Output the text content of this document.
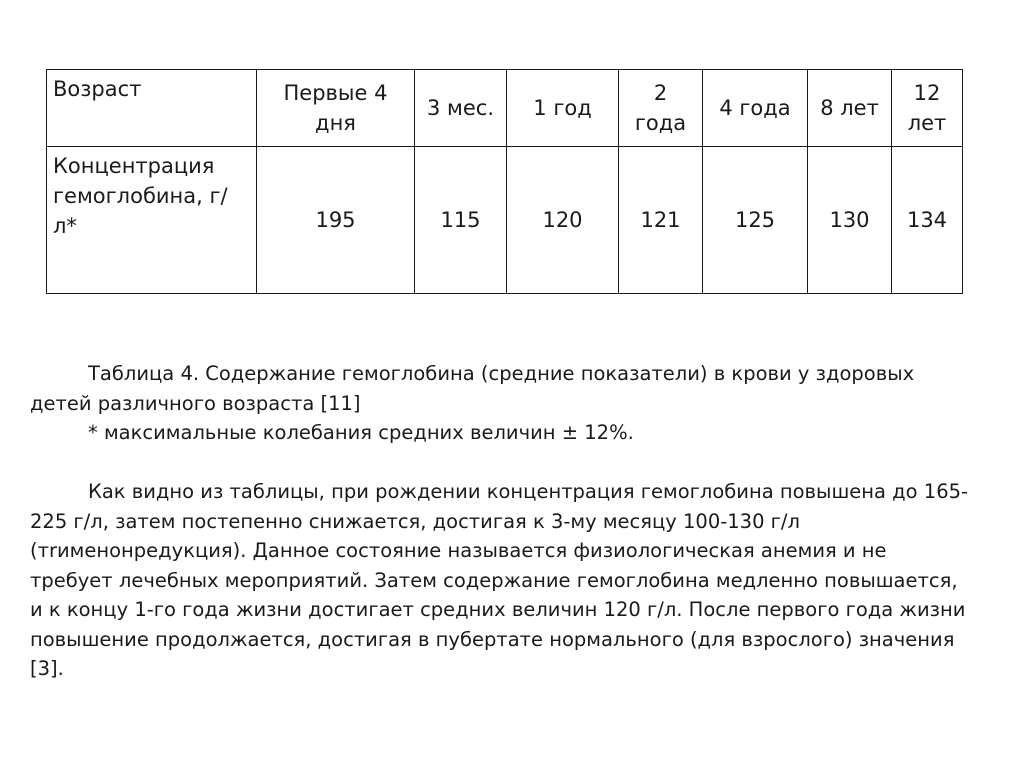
Возраст	Первые 4 дня	3 мес.	1 год	2 года	4 года	8 лет	12 лет
Концентрация гемоглобина, г/л*	195	115	120	121	125	130	134

Таблица 4. Содержание гемоглобина (средние показатели) в крови у здоровых детей различного возраста [11]

* максимальные колебания средних величин ± 12%.

Как видно из таблицы, при рождении концентрация гемоглобина повышена до 165-225 г/л, затем постепенно снижается, достигая к 3-му месяцу 100-130 г/л (тrименонредукция). Данное состояние называется физиологическая анемия и не требует лечебных мероприятий. Затем содержание гемоглобина медленно повышается, и к концу 1-го года жизни достигает средних величин 120 г/л. После первого года жизни повышение продолжается, достигая в пубертате нормального (для взрослого) значения [3].
